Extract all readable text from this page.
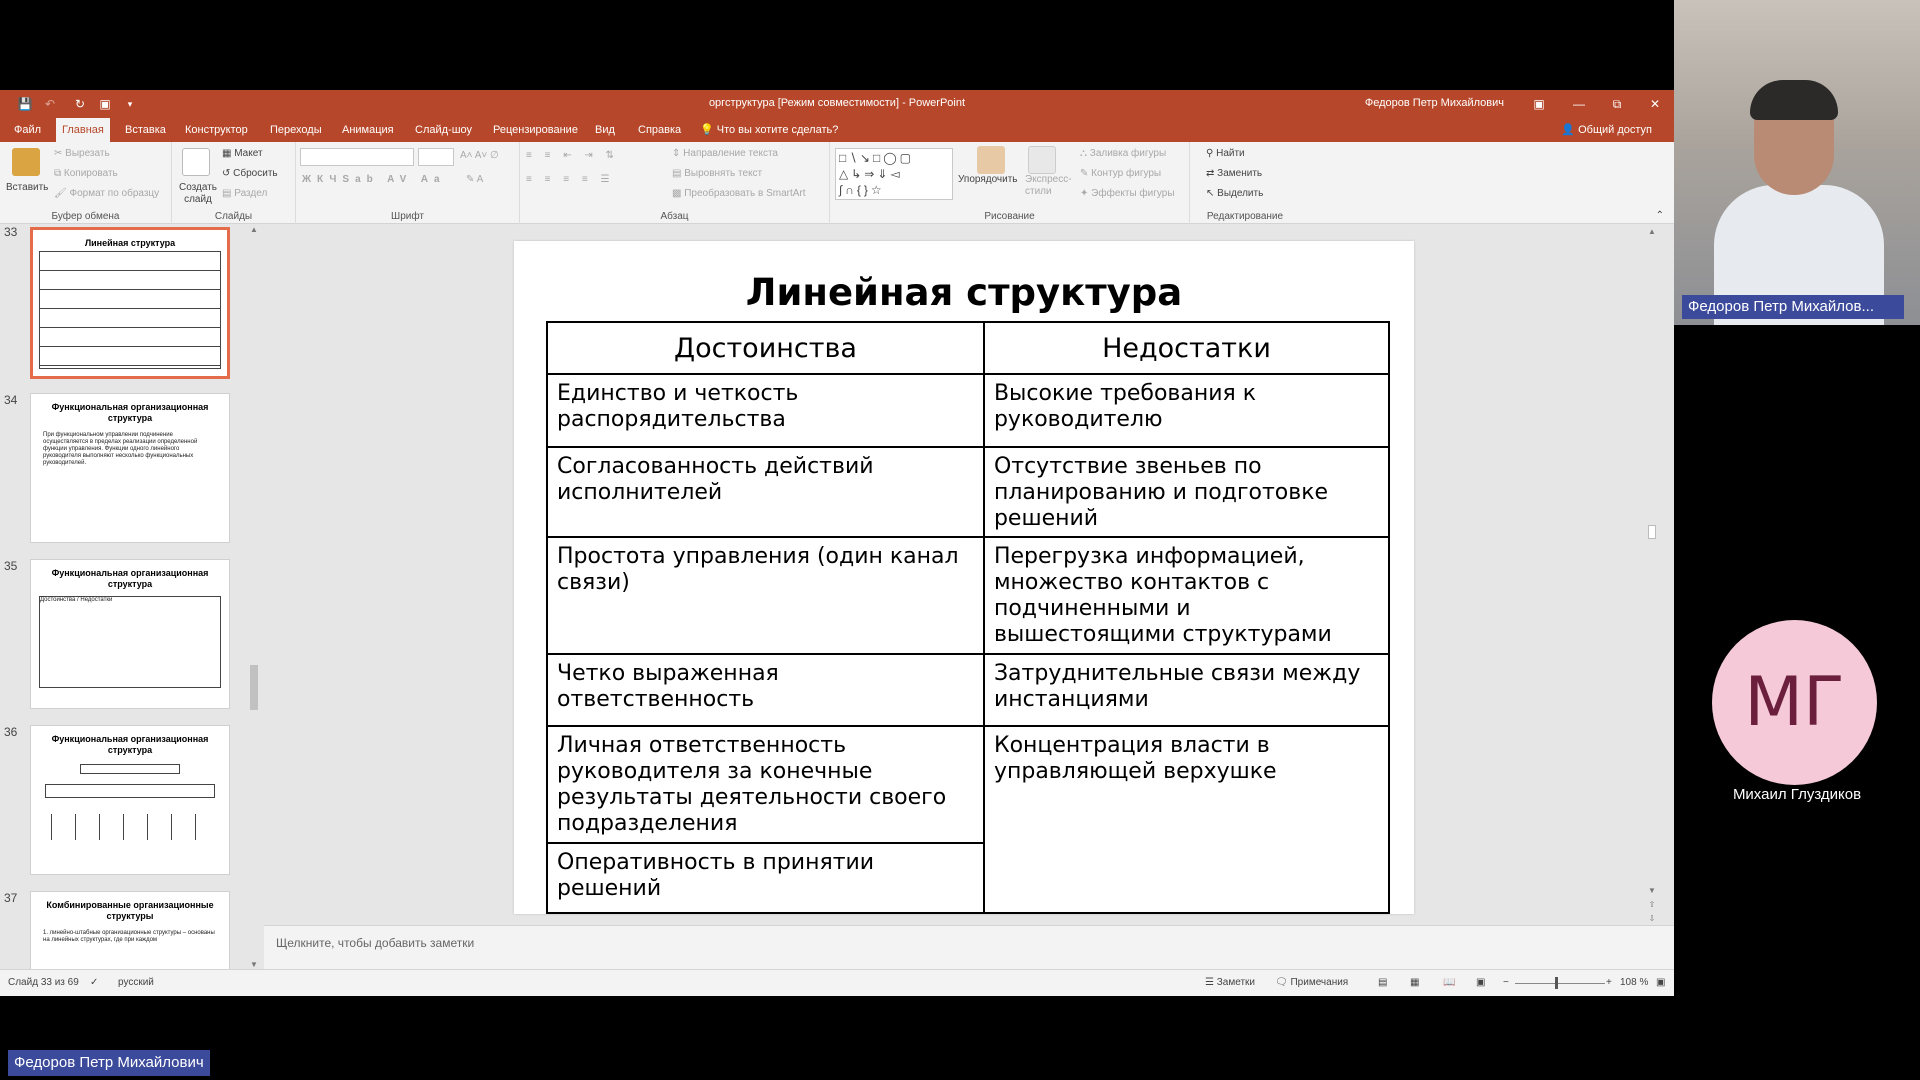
💾 ↶ ↻ ▣	▾	оргструктура [Режим совместимости] - PowerPoint	Федоров Петр Михайлович	▣	—	⧉	✕
Файл	Главная	Вставка	Конструктор	Переходы	Анимация	Слайд-шоу	Рецензирование	Вид	Справка	💡 Что вы хотите сделать?	👤 Общий доступ
Вставить
✂ Вырезать
⧉ Копировать
🖌 Формат по образцу
Буфер обмена
Создать слайд
▦ Макет
↺ Сбросить
▤ Раздел
Слайды
A˄ A˅ ∅
ЖКЧSab AV Aa ✎ A
Шрифт
≡ ≡ ⇤ ⇥ ⇅
≡ ≡ ≡ ≡ ☰
⇕ Направление текста
▤ Выровнять текст
▩ Преобразовать в SmartArt
Абзац
□∖↘□◯▢
△↳⇒⇓◅
∫∩{}☆
Упорядочить Экспресс-стили
⛬ Заливка фигуры
✎ Контур фигуры
✦ Эффекты фигуры
Рисование
⚲ Найти
⇄ Заменить
↖ Выделить
Редактирование	⌃
33
Линейная структура
34	Функциональная организационная структура
При функциональном управлении подчинение осуществляется в пределах реализации определенной функции управления. Функции одного линейного руководителя выполняют несколько функциональных руководителей.
35	Функциональная организационная структура
Достоинства / Недостатки
36	Функциональная организационная структура
37	Комбинированные организационные структуры
1. линейно-штабные организационные структуры – основаны на линейных структурах, где при каждом
▲
▼
Линейная структура
Достоинства	Недостатки
Единство и четкость распорядительства	Высокие требования к руководителю
Согласованность действий исполнителей	Отсутствие звеньев по планированию и подготовке решений
Простота управления (один канал связи)	Перегрузка информацией, множество контактов с подчиненными и вышестоящими структурами
Четко выраженная ответственность	Затруднительные связи между инстанциями
Личная ответственность руководителя за конечные результаты деятельности своего подразделения	Концентрация власти в управляющей верхушке
Оперативность в принятии решений	
▲
▼
⇧
⇩
Щелкните, чтобы добавить заметки
Слайд 33 из 69 ✓ русский	☰ Заметки 🗨 Примечания	▤ ▦ 📖 ▣ −	+ 108 % ▣
Федоров Петр Михайлов...
МГ
Михаил Глуздиков
Федоров Петр Михайлович
